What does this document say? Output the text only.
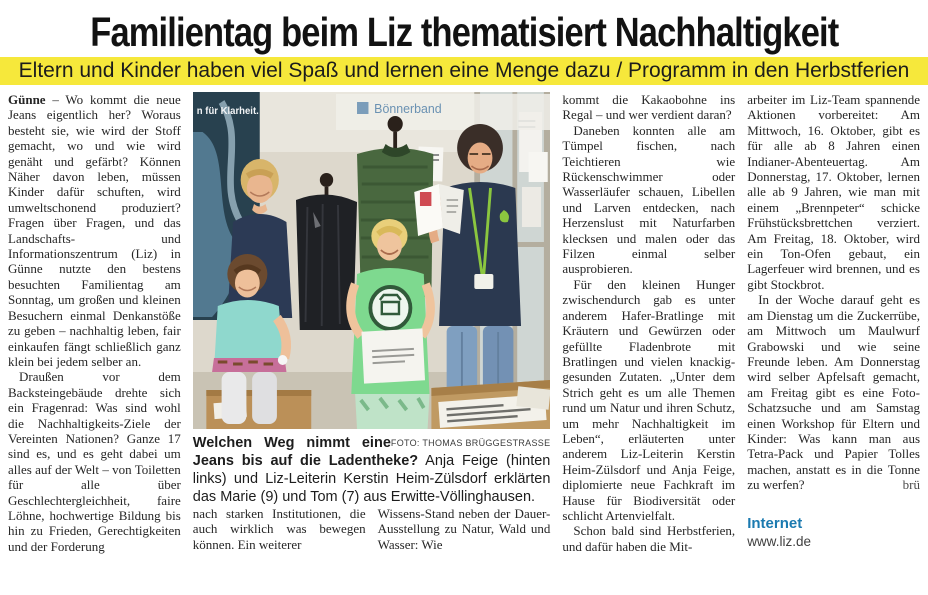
Familientag beim Liz thematisiert Nachhaltigkeit
Eltern und Kinder haben viel Spaß und lernen eine Menge dazu / Programm in den Herbstferien

Günne – Wo kommt die neue Jeans eigentlich her? Woraus besteht sie, wie wird der Stoff gemacht, wo und wie wird genäht und gefärbt? Können Näher davon leben, müssen Kinder dafür schuften, wird umweltschonend produziert? Fragen über Fragen, und das Landschafts- und Informationszentrum (Liz) in Günne nutzte den bestens besuchten Familientag am Sonntag, um großen und kleinen Besuchern einmal Denkanstöße zu geben – nachhaltig leben, fair einkaufen fängt schließlich ganz klein bei jedem selber an.

Draußen vor dem Backsteingebäude drehte sich ein Fragenrad: Was sind wohl die Nachhaltigkeits-Ziele der Vereinten Nationen? Ganze 17 sind es, und es geht dabei um alles auf der Welt – von Toiletten für alle über Geschlechtergleichheit, faire Löhne, hochwertige Bildung bis hin zu Frieden, Gerechtigkeiten und der Forderung

n für Klarheit.	Bönnerband

FOTO: THOMAS BRÜGGESTRASSE
Welchen Weg nimmt eine Jeans bis auf die Ladentheke? Anja Feige (hinten links) und Liz-Leiterin Kerstin Heim-Zülsdorf erklärten das Marie (9) und Tom (7) aus Erwitte-Völlinghausen.

nach starken Institutionen, die auch wirklich was bewegen können. Ein weiterer

Wissens-Stand neben der Dauer-Ausstellung zu Natur, Wald und Wasser: Wie

kommt die Kakaobohne ins Regal – und wer verdient daran?

Daneben konnten alle am Tümpel fischen, nach Teichtieren wie Rückenschwimmer oder Wasserläufer schauen, Libellen und Larven entdecken, nach Herzenslust mit Naturfarben klecksen und malen oder das Filzen einmal selber ausprobieren.

Für den kleinen Hunger zwischendurch gab es unter anderem Hafer-Bratlinge mit Kräutern und Gewürzen oder gefüllte Fladenbrote mit Bratlingen und vielen knackig-gesunden Zutaten. „Unter dem Strich geht es um alle Themen rund um Natur und ihren Schutz, um mehr Nachhaltigkeit im Leben“, erläuterten unter anderem Liz-Leiterin Kerstin Heim-Zülsdorf und Anja Feige, diplomierte neue Fachkraft im Hause für Biodiversität oder schlicht Artenvielfalt.

Schon bald sind Herbstferien, und dafür haben die Mit-

arbeiter im Liz-Team spannende Aktionen vorbereitet: Am Mittwoch, 16. Oktober, gibt es für alle ab 8 Jahren einen Indianer-Abenteuertag. Am Donnerstag, 17. Oktober, lernen alle ab 9 Jahren, wie man mit einem „Brennpeter“ schicke Frühstücksbrettchen verziert. Am Freitag, 18. Oktober, wird ein Ton-Ofen gebaut, ein Lagerfeuer wird brennen, und es gibt Stockbrot.

In der Woche darauf geht es am Dienstag um die Zuckerrübe, am Mittwoch um Maulwurf Grabowski und wie seine Freunde leben. Am Donnerstag wird selber Apfelsaft gemacht, am Freitag gibt es eine Foto-Schatzsuche und am Samstag einen Workshop für Eltern und Kinder: Was kann man aus Tetra-Pack und Papier Tolles machen, anstatt es in die Tonne zu werfen?	brü

Internet
www.liz.de
